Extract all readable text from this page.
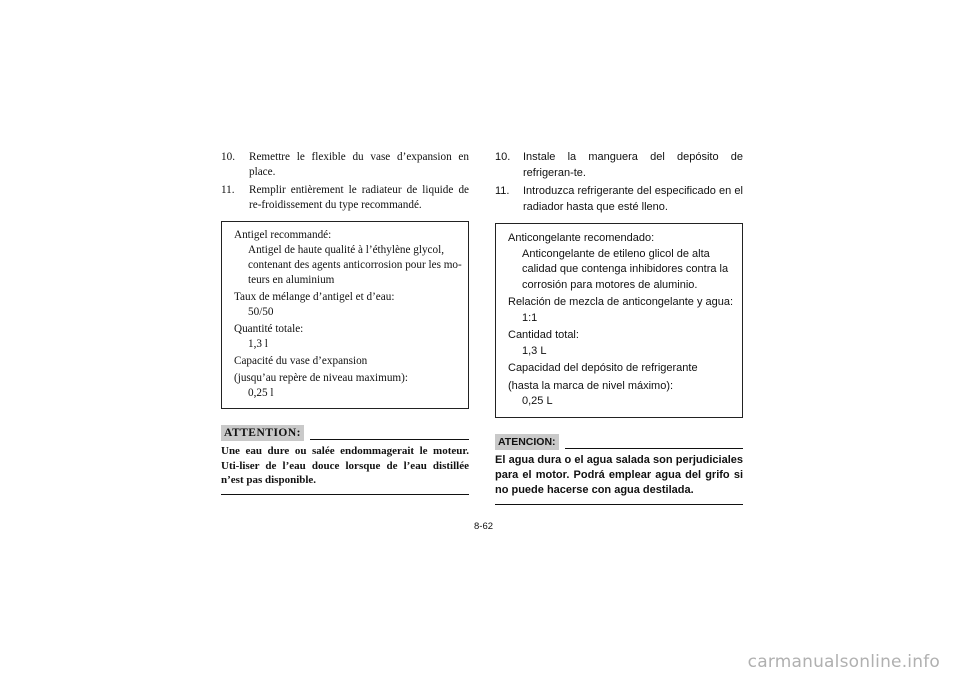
10.	Remettre le flexible du vase d’expansion en place.
11.	Remplir entièrement le radiateur de liquide de re-froidissement du type recommandé.
Antigel recommandé:
Antigel de haute qualité à l’éthylène glycol, contenant des agents anticorrosion pour les mo-teurs en aluminium
Taux de mélange d’antigel et d’eau:
50/50
Quantité totale:
1,3 l
Capacité du vase d’expansion
(jusqu’au repère de niveau maximum):
0,25 l
ATTENTION:
Une eau dure ou salée endommagerait le moteur. Uti-liser de l’eau douce lorsque de l’eau distillée n’est pas disponible.
10.	Instale la manguera del depósito de refrigeran-te.
11.	Introduzca refrigerante del especificado en el radiador hasta que esté lleno.
Anticongelante recomendado:
Anticongelante de etileno glicol de alta calidad que contenga inhibidores contra la corrosión para motores de aluminio.
Relación de mezcla de anticongelante y agua:
1:1
Cantidad total:
1,3 L
Capacidad del depósito de refrigerante
(hasta la marca de nivel máximo):
0,25 L
ATENCION:
El agua dura o el agua salada son perjudiciales para el motor. Podrá emplear agua del grifo si no puede hacerse con agua destilada.
8-62
carmanualsonline.info
